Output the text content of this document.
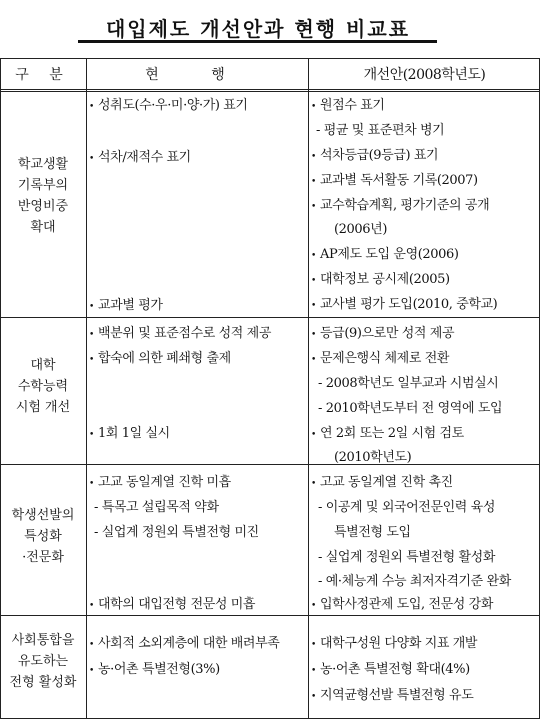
대입제도 개선안과 현행 비교표
구 분	현 행	개선안(2008학년도)
학교생활
기록부의
반영비중
확대
• 성취도(수·우·미·양·가) 표기
• 석차/재적수 표기
• 교과별 평가
• 원점수 표기
- 평균 및 표준편차 병기
• 석차등급(9등급) 표기
• 교과별 독서활동 기록(2007)
• 교수학습계획, 평가기준의 공개
(2006년)
• AP제도 도입 운영(2006)
• 대학정보 공시제(2005)
• 교사별 평가 도입(2010, 중학교)
대학
수학능력
시험 개선
• 백분위 및 표준점수로 성적 제공
• 합숙에 의한 폐쇄형 출제
• 1회 1일 실시
• 등급(9)으로만 성적 제공
• 문제은행식 체제로 전환
- 2008학년도 일부교과 시범실시
- 2010학년도부터 전 영역에 도입
• 연 2회 또는 2일 시험 검토
(2010학년도)
학생선발의
특성화
·전문화
• 고교 동일계열 진학 미흡
- 특목고 설립목적 약화
- 실업계 정원외 특별전형 미진
• 대학의 대입전형 전문성 미흡
• 고교 동일계열 진학 촉진
- 이공계 및 외국어전문인력 육성
특별전형 도입
- 실업계 정원외 특별전형 활성화
- 예·체능계 수능 최저자격기준 완화
• 입학사정관제 도입, 전문성 강화
사회통합을
유도하는
전형 활성화
• 사회적 소외계층에 대한 배려부족
• 농·어촌 특별전형(3%)
• 대학구성원 다양화 지표 개발
• 농·어촌 특별전형 확대(4%)
• 지역균형선발 특별전형 유도
